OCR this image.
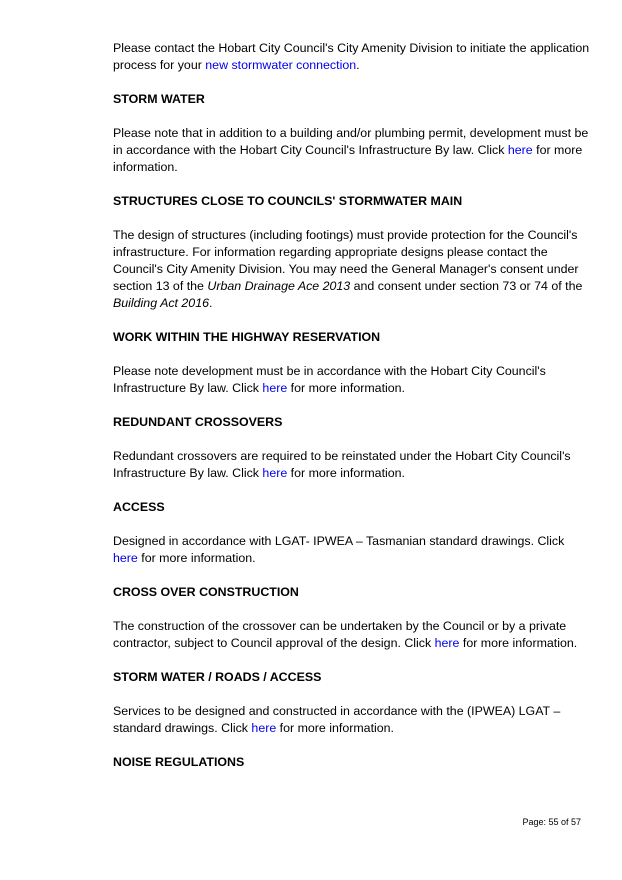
Please contact the Hobart City Council's City Amenity Division to initiate the application process for your new stormwater connection.

STORM WATER

Please note that in addition to a building and/or plumbing permit, development must be in accordance with the Hobart City Council's Infrastructure By law. Click here for more information.

STRUCTURES CLOSE TO COUNCILS' STORMWATER MAIN

The design of structures (including footings) must provide protection for the Council's infrastructure. For information regarding appropriate designs please contact the Council's City Amenity Division. You may need the General Manager's consent under section 13 of the Urban Drainage Ace 2013 and consent under section 73 or 74 of the Building Act 2016.

WORK WITHIN THE HIGHWAY RESERVATION

Please note development must be in accordance with the Hobart City Council's Infrastructure By law. Click here for more information.

REDUNDANT CROSSOVERS

Redundant crossovers are required to be reinstated under the Hobart City Council's Infrastructure By law. Click here for more information.

ACCESS

Designed in accordance with LGAT- IPWEA – Tasmanian standard drawings. Click here for more information.

CROSS OVER CONSTRUCTION

The construction of the crossover can be undertaken by the Council or by a private contractor, subject to Council approval of the design. Click here for more information.

STORM WATER / ROADS / ACCESS

Services to be designed and constructed in accordance with the (IPWEA) LGAT – standard drawings. Click here for more information.

NOISE REGULATIONS

Page: 55 of 57
